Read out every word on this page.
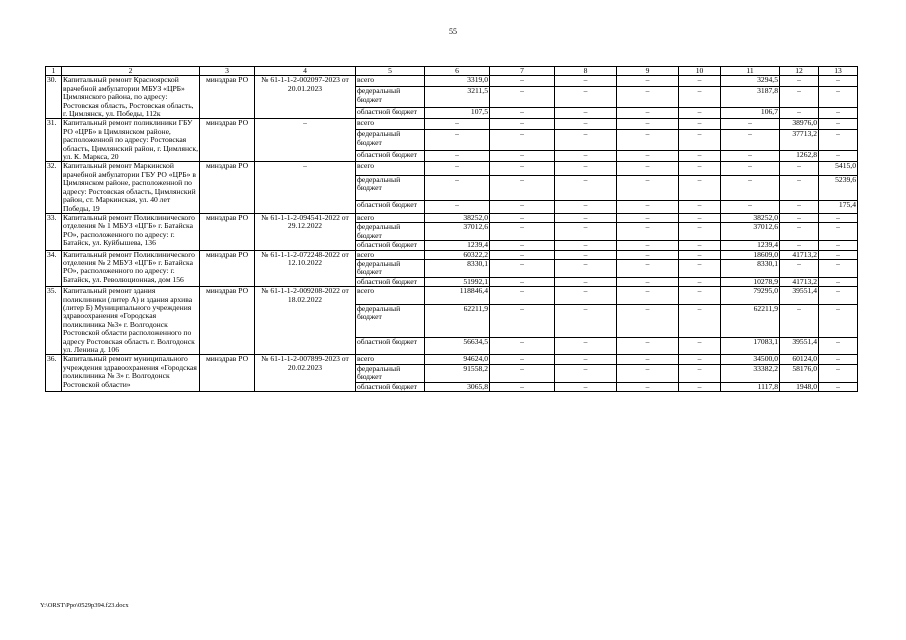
55
1	2	3	4	5	6	7	8	9	10	11	12	13
30.	Капитальный ремонт Красноярской врачебной амбулатории МБУЗ «ЦРБ» Цимлянского района, по адресу: Ростовская область, Ростовская область, г. Цимлянск, ул. Победы, 112к	минздрав РО	№ 61-1-1-2-002097-2023 от 20.01.2023	всего	3319,0	–	–	–	–	3294,5	–	–
				федеральный бюджет	3211,5	–	–	–	–	3187,8	–	–
				областной бюджет	107,5	–	–	–	–	106,7	–	–
31.	Капитальный ремонт поликлиники ГБУ РО «ЦРБ» в Цимлянском районе, расположенной по адресу: Ростовская область, Цимлянский район, г. Цимлянск, ул. К. Маркса, 20	минздрав РО	–	всего	–	–	–	–	–	–	38976,0	–
				федеральный бюджет	–	–	–	–	–	–	37713,2	–
				областной бюджет	–	–	–	–	–	–	1262,8	–
32.	Капитальный ремонт Маркинской врачебной амбулатории ГБУ РО «ЦРБ» в Цимлянском районе, расположенной по адресу: Ростовская область, Цимлянский район, ст. Маркинская, ул. 40 лет Победы, 19	минздрав РО	–	всего	–	–	–	–	–	–	–	5415,0
				федеральный бюджет	–	–	–	–	–	–	–	5239,6
				областной бюджет	–	–	–	–	–	–	–	175,4
33.	Капитальный ремонт Поликлинического отделения № 1 МБУЗ «ЦГБ» г. Батайска РО», расположенного по адресу: г. Батайск, ул. Куйбышева, 136	минздрав РО	№ 61-1-1-2-094541-2022 от 29.12.2022	всего	38252,0	–	–	–	–	38252,0	–	–
				федеральный бюджет	37012,6	–	–	–	–	37012,6	–	–
				областной бюджет	1239,4	–	–	–	–	1239,4	–	–
34.	Капитальный ремонт Поликлинического отделения № 2 МБУЗ «ЦГБ» г. Батайска РО», расположенного по адресу: г. Батайск, ул. Революционная, дом 156	минздрав РО	№ 61-1-1-2-072248-2022 от 12.10.2022	всего	60322,2	–	–	–	–	18609,0	41713,2	–
				федеральный бюджет	8330,1	–	–	–	–	8330,1	–	–
				областной бюджет	51992,1	–	–	–	–	10278,9	41713,2	–
35.	Капитальный ремонт здания поликлиники (литер А) и здания архива (литер Б) Муниципального учреждения здравоохранения «Городская поликлиника №3» г. Волгодонск Ростовской области расположенного по адресу Ростовская область г. Волгодонск ул. Ленина д. 106	минздрав РО	№ 61-1-1-2-009208-2022 от 18.02.2022	всего	118846,4	–	–	–	–	79295,0	39551,4	–
				федеральный бюджет	62211,9	–	–	–	–	62211,9	–	–
				областной бюджет	56634,5	–	–	–	–	17083,1	39551,4	–
36.	Капитальный ремонт муниципального учреждения здравоохранения «Городская поликлиника № 3» г. Волгодонск Ростовской области»	минздрав РО	№ 61-1-1-2-007899-2023 от 20.02.2023	всего	94624,0	–	–	–	–	34500,0	60124,0	–
				федеральный бюджет	91558,2	–	–	–	–	33382,2	58176,0	–
				областной бюджет	3065,8	–	–	–	–	1117,8	1948,0	–
Y:\ORST\Ppo\0529p394.f23.docx
